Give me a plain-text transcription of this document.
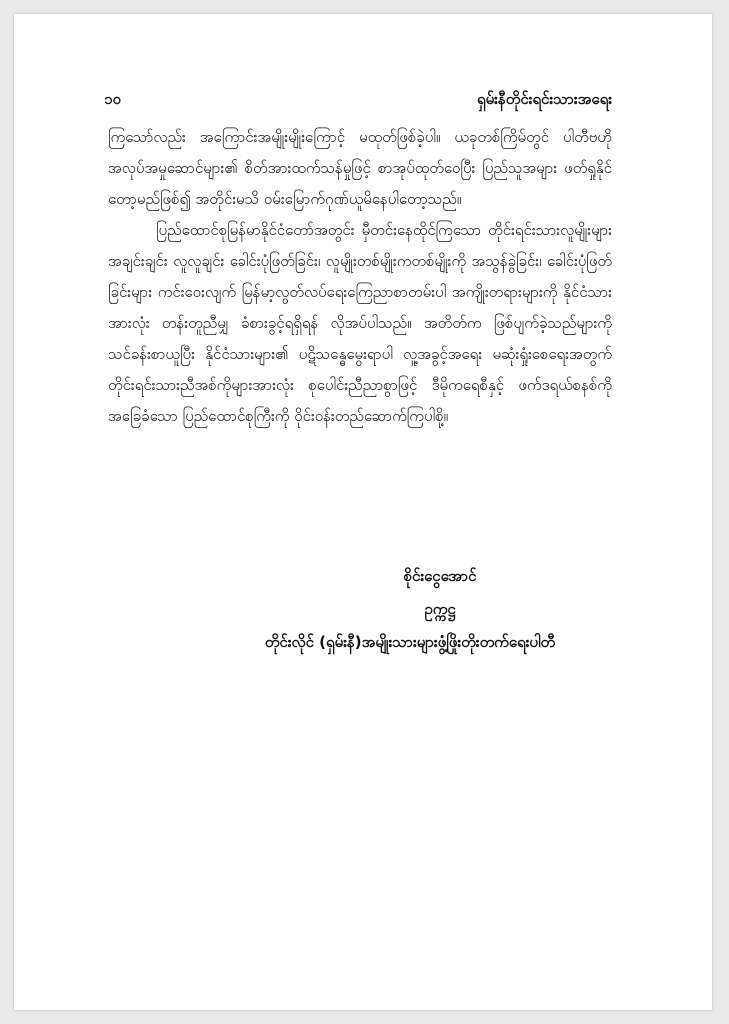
၁၀	ရှမ်းနီတိုင်းရင်းသားအရေး

ကြသော်လည်း အကြောင်းအမျိုးမျိုးကြောင့် မထုတ်ဖြစ်ခဲ့ပါ။ ယခုတစ်ကြိမ်တွင် ပါတီဗဟိုအလုပ်အမှုဆောင်များ၏ စိတ်အားထက်သန်မှုဖြင့် စာအုပ်ထုတ်ဝေပြီး ပြည်သူအများ ဖတ်ရှုနိုင်တော့မည်ဖြစ်၍ အတိုင်းမသိ ဝမ်းမြောက်ဂုဏ်ယူမိနေပါတော့သည်။

ပြည်ထောင်စုမြန်မာနိုင်ငံတော်အတွင်း မှီတင်းနေထိုင်ကြသော တိုင်းရင်းသားလူမျိုးများ အချင်းချင်း လူလူချင်း ခေါင်းပုံဖြတ်ခြင်း၊ လူမျိုးတစ်မျိုးကတစ်မျိုးကို အသွန်ခွဲခြင်း၊ ခေါင်းပုံဖြတ်ခြင်းများ ကင်းဝေးလျက် မြန်မာ့လွတ်လပ်ရေးကြေညာစာတမ်းပါ အကျိုးတရားများကို နိုင်ငံသားအားလုံး တန်းတူညီမျှ ခံစားခွင့်ရရှိရန် လိုအပ်ပါသည်။ အတိတ်က ဖြစ်ပျက်ခဲ့သည်များကိုသင်ခန်းစာယူပြီး နိုင်ငံသားများ၏ ပဋိသန္ဓေမွေးရာပါ လူ့အခွင့်အရေး မဆုံးရှုံးစေရေးအတွက် တိုင်းရင်းသားညီအစ်ကိုများအားလုံး စုပေါင်းညီညာစွာဖြင့် ဒီမိုကရေစီနှင့် ဖက်ဒရယ်စနစ်ကို အခြေခံသော ပြည်ထောင်စုကြီးကို ဝိုင်းဝန်းတည်ဆောက်ကြပါစို့။

စိုင်းငွေအောင်
ဥက္ကဋ္ဌ
တိုင်းလိုင် (ရှမ်းနီ)အမျိုးသားများဖွံ့ဖြိုးတိုးတက်ရေးပါတီ
